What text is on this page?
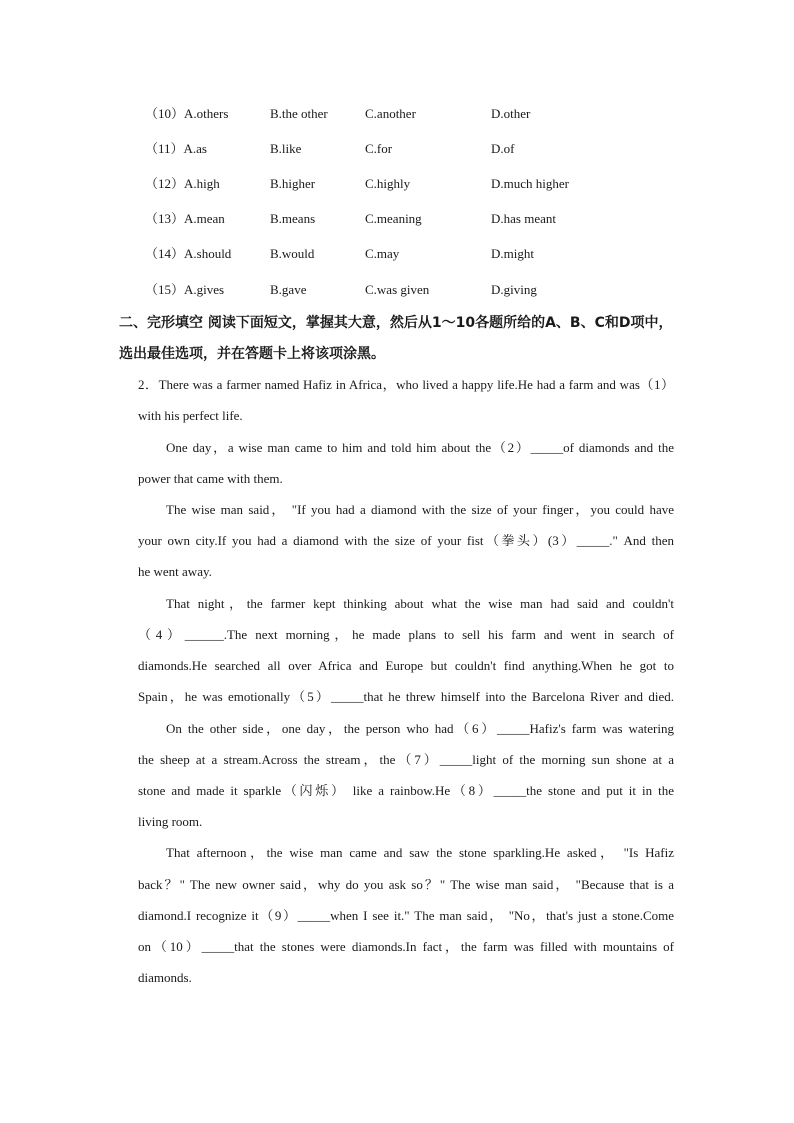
（10）A.others	B.the other	C.another	D.other
（11）A.as	B.like	C.for	D.of
（12）A.high	B.higher	C.highly	D.much higher
（13）A.mean	B.means	C.meaning	D.has meant
（14）A.should	B.would	C.may	D.might
（15）A.gives	B.gave	C.was given	D.giving
二、完形填空 阅读下面短文，掌握其大意，然后从1～10各题所给的A、B、C和D项中，
选出最佳选项，并在答题卡上将该项涂黑。
2．There was a farmer named Hafiz in Africa，who lived a happy life.He had a farm and was（1）
with his perfect life.
One day，a wise man came to him and told him about the（2）_____of diamonds and the
power that came with them.
The wise man said， "If you had a diamond with the size of your finger，you could have
your own city.If you had a diamond with the size of your fist（拳头）(3）_____." And then
he went away.
That night，the farmer kept thinking about what the wise man had said and couldn't
（4）______.The next morning，he made plans to sell his farm and went in search of
diamonds.He searched all over Africa and Europe but couldn't find anything.When he got to
Spain，he was emotionally（5）_____that he threw himself into the Barcelona River and died.
On the other side，one day，the person who had（6）_____Hafiz's farm was watering
the sheep at a stream.Across the stream，the（7）_____light of the morning sun shone at a
stone and made it sparkle（闪烁） like a rainbow.He（8）_____the stone and put it in the
living room.
That afternoon，the wise man came and saw the stone sparkling.He asked， "Is Hafiz
back？" The new owner said，why do you ask so？" The wise man said， "Because that is a
diamond.I recognize it（9）_____when I see it." The man said， "No，that's just a stone.Come
on（10）_____that the stones were diamonds.In fact，the farm was filled with mountains of
diamonds.
